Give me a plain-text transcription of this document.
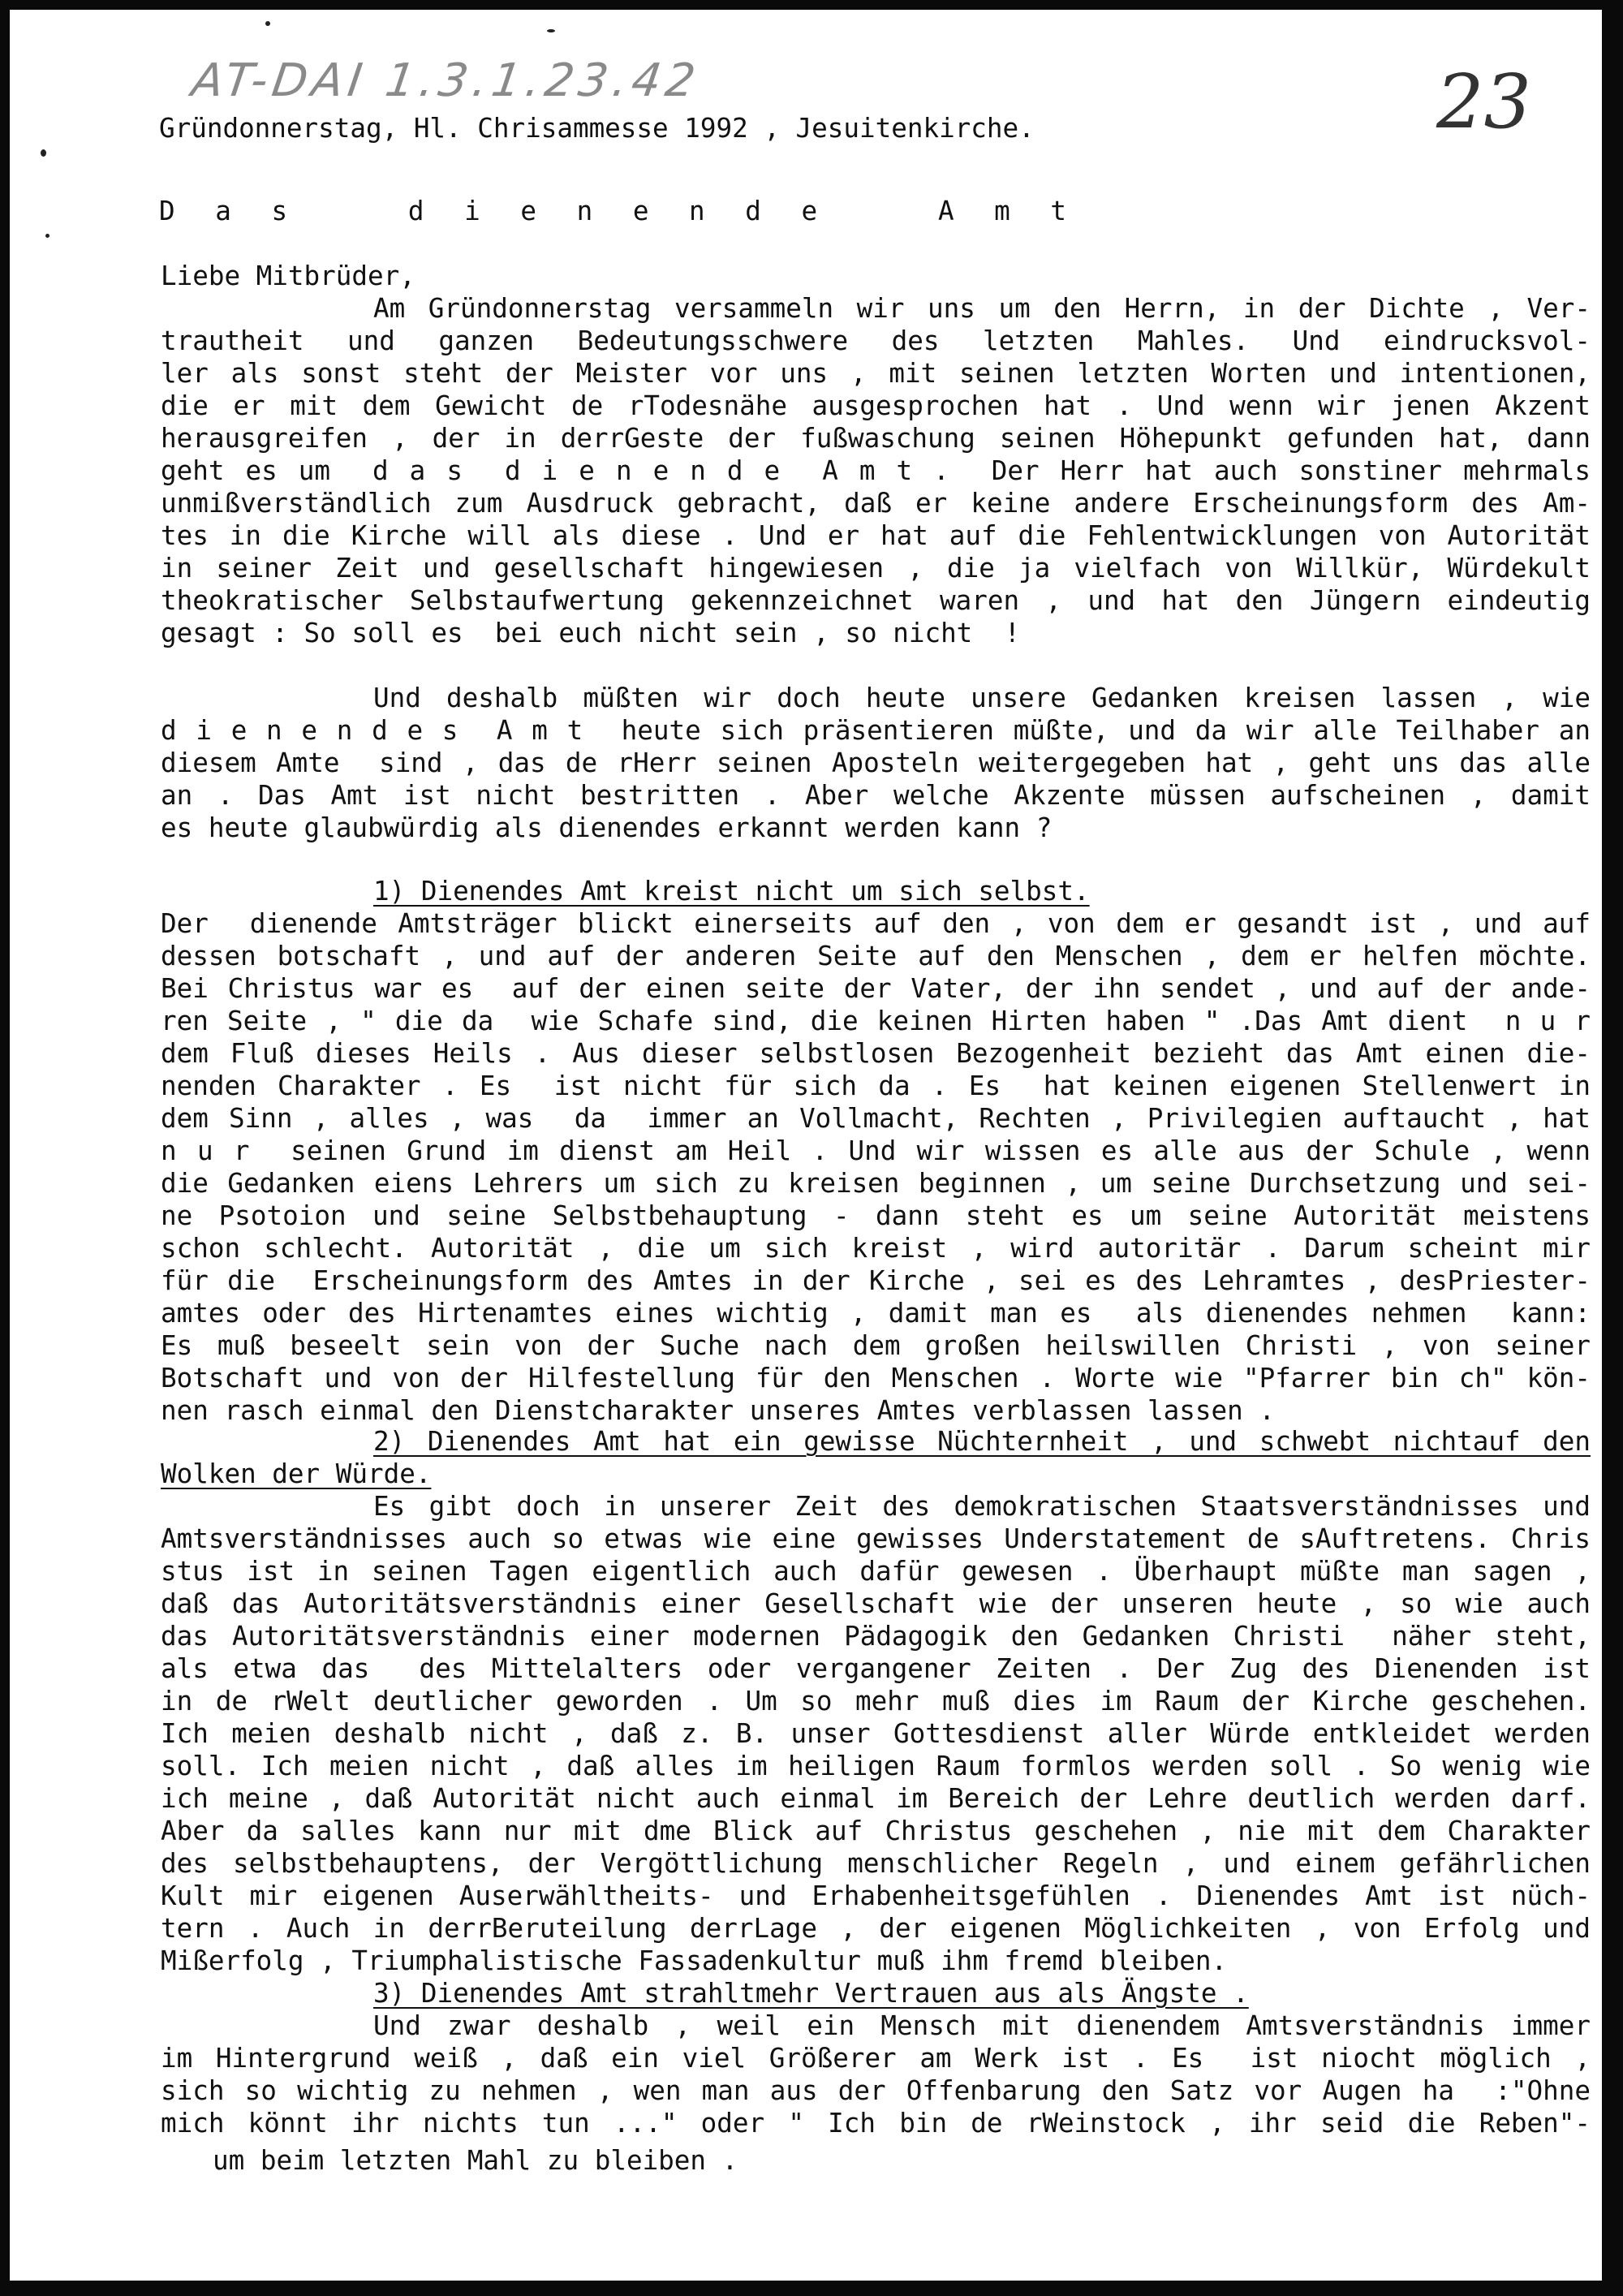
AT-DAI 1.3.1.23.42	23

Gründonnerstag, Hl. Chrisammesse 1992 , Jesuitenkirche.

D a s   d i e n e n d e   A m t

Liebe Mitbrüder,

Am Gründonnerstag versammeln wir uns um den Herrn, in der Dichte , Ver-

trautheit und ganzen Bedeutungsschwere des letzten Mahles. Und eindrucksvol-

ler als sonst steht der Meister vor uns , mit seinen letzten Worten und intentionen,

die er mit dem Gewicht de rTodesnähe ausgesprochen hat . Und wenn wir jenen Akzent

herausgreifen , der in derrGeste der fußwaschung seinen Höhepunkt gefunden hat, dann

geht es um  d a s  d i e n e n d e  A m t .  Der Herr hat auch sonstiner mehrmals

unmißverständlich zum Ausdruck gebracht, daß er keine andere Erscheinungsform des Am-

tes in die Kirche will als diese . Und er hat auf die Fehlentwicklungen von Autorität

in seiner Zeit und gesellschaft hingewiesen , die ja vielfach von Willkür, Würdekult

theokratischer Selbstaufwertung gekennzeichnet waren , und hat den Jüngern eindeutig

gesagt : So soll es  bei euch nicht sein , so nicht  !

Und deshalb müßten wir doch heute unsere Gedanken kreisen lassen , wie

d i e n e n d e s  A m t  heute sich präsentieren müßte, und da wir alle Teilhaber an

diesem Amte  sind , das de rHerr seinen Aposteln weitergegeben hat , geht uns das alle

an . Das Amt ist nicht bestritten . Aber welche Akzente müssen aufscheinen , damit

es heute glaubwürdig als dienendes erkannt werden kann ?

1) Dienendes Amt kreist nicht um sich selbst.

Der  dienende Amtsträger blickt einerseits auf den , von dem er gesandt ist , und auf

dessen botschaft , und auf der anderen Seite auf den Menschen , dem er helfen möchte.

Bei Christus war es  auf der einen seite der Vater, der ihn sendet , und auf der ande-

ren Seite , " die da  wie Schafe sind, die keinen Hirten haben " .Das Amt dient  n u r

dem Fluß dieses Heils . Aus dieser selbstlosen Bezogenheit bezieht das Amt einen die-

nenden Charakter . Es  ist nicht für sich da . Es  hat keinen eigenen Stellenwert in

dem Sinn , alles , was  da  immer an Vollmacht, Rechten , Privilegien auftaucht , hat

n u r  seinen Grund im dienst am Heil . Und wir wissen es alle aus der Schule , wenn

die Gedanken eiens Lehrers um sich zu kreisen beginnen , um seine Durchsetzung und sei-

ne Psotoion und seine Selbstbehauptung - dann steht es um seine Autorität meistens

schon schlecht. Autorität , die um sich kreist , wird autoritär . Darum scheint mir

für die  Erscheinungsform des Amtes in der Kirche , sei es des Lehramtes , desPriester-

amtes oder des Hirtenamtes eines wichtig , damit man es  als dienendes nehmen  kann:

Es muß beseelt sein von der Suche nach dem großen heilswillen Christi , von seiner

Botschaft und von der Hilfestellung für den Menschen . Worte wie "Pfarrer bin ch" kön-

nen rasch einmal den Dienstcharakter unseres Amtes verblassen lassen .

2) Dienendes Amt hat ein gewisse Nüchternheit , und schwebt nichtauf den

Wolken der Würde.

Es gibt doch in unserer Zeit des demokratischen Staatsverständnisses und

Amtsverständnisses auch so etwas wie eine gewisses Understatement de sAuftretens. Chris

stus ist in seinen Tagen eigentlich auch dafür gewesen . Überhaupt müßte man sagen ,

daß das Autoritätsverständnis einer Gesellschaft wie der unseren heute , so wie auch

das Autoritätsverständnis einer modernen Pädagogik den Gedanken Christi  näher steht,

als etwa das  des Mittelalters oder vergangener Zeiten . Der Zug des Dienenden ist

in de rWelt deutlicher geworden . Um so mehr muß dies im Raum der Kirche geschehen.

Ich meien deshalb nicht , daß z. B. unser Gottesdienst aller Würde entkleidet werden

soll. Ich meien nicht , daß alles im heiligen Raum formlos werden soll . So wenig wie

ich meine , daß Autorität nicht auch einmal im Bereich der Lehre deutlich werden darf.

Aber da salles kann nur mit dme Blick auf Christus geschehen , nie mit dem Charakter

des selbstbehauptens, der Vergöttlichung menschlicher Regeln , und einem gefährlichen

Kult mir eigenen Auserwähltheits- und Erhabenheitsgefühlen . Dienendes Amt ist nüch-

tern . Auch in derrBeruteilung derrLage , der eigenen Möglichkeiten , von Erfolg und

Mißerfolg , Triumphalistische Fassadenkultur muß ihm fremd bleiben.

3) Dienendes Amt strahltmehr Vertrauen aus als Ängste .

Und zwar deshalb , weil ein Mensch mit dienendem Amtsverständnis immer

im Hintergrund weiß , daß ein viel Größerer am Werk ist . Es  ist niocht möglich ,

sich so wichtig zu nehmen , wen man aus der Offenbarung den Satz vor Augen ha  :"Ohne

mich könnt ihr nichts tun ..." oder " Ich bin de rWeinstock , ihr seid die Reben"-

um beim letzten Mahl zu bleiben .
